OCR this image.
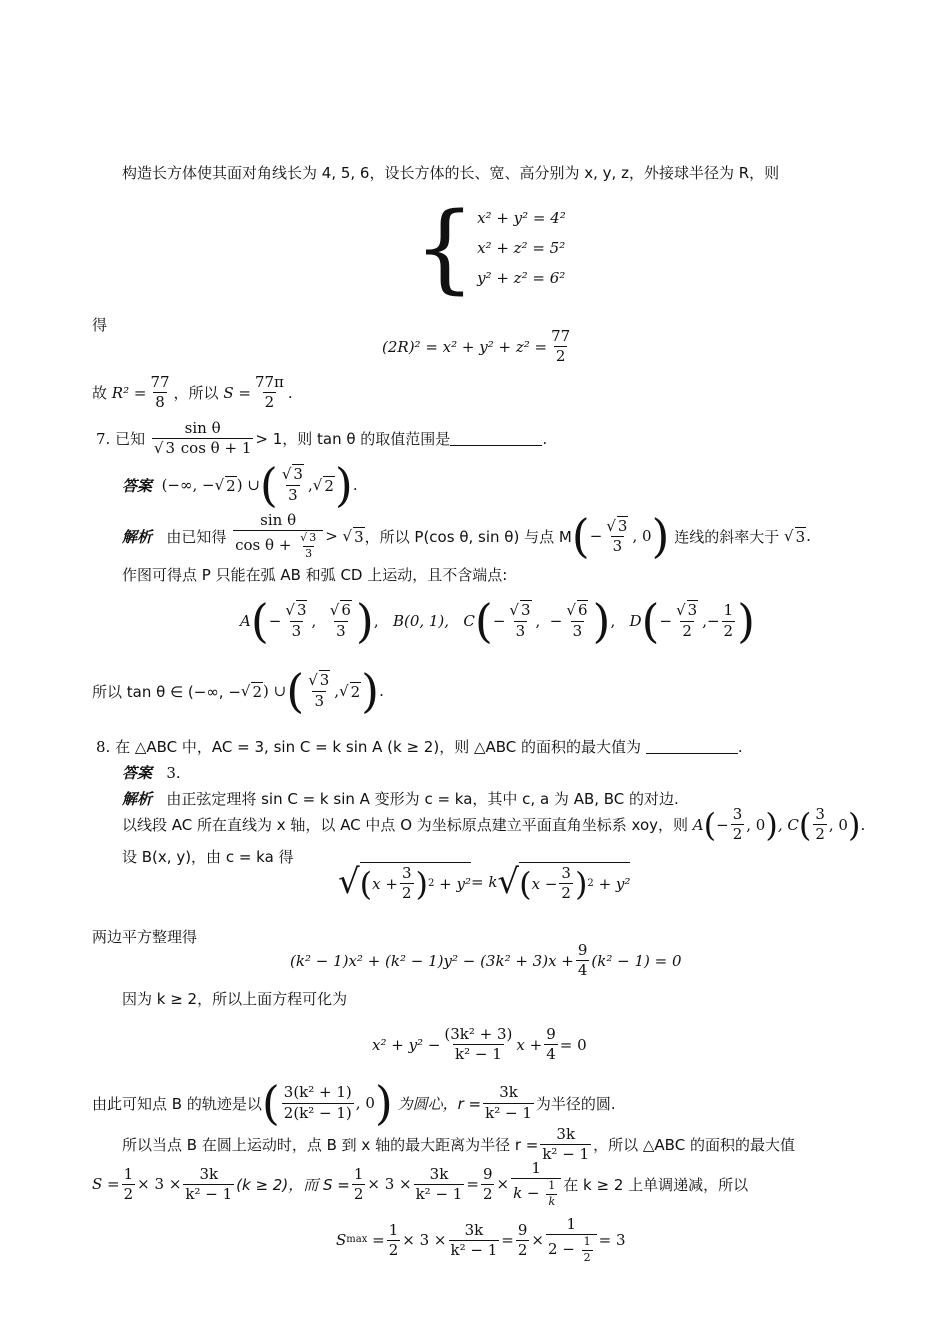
构造长方体使其面对角线长为 4, 5, 6，设长方体的长、宽、高分别为 x, y, z，外接球半径为 R，则
{ x² + y² = 4²
x² + z² = 5²
y² + z² = 6²
得
$(2R)^2 = x^2 + y^2 + z^2 = \frac{77}{2}$
故
$R^2 = \frac{77}{8}$ ，所以
$S = \frac{77\pi}{2}$ .
7.
已知
$\frac{\text{sin θ}}{\text{√ 3 cos θ + 1}} > 1$，则 tan θ 的取值范围是	.
答案
(−∞, − √ 2 ) ∪ ( $\frac{√ 3}{3}$ , √ 2 ) .
解析
由已知得
$\frac{\text{sin θ}}{\cos \theta + \frac{√ 3}{3}}$ > √ 3 ，所以 P(cos θ, sin θ) 与点 M ( − $\frac{√ 3}{3}$ , 0 )
连线的斜率大于 √ 3 .
作图可得点 P 只能在弧 AB 和弧 CD 上运动，且不含端点:
A ( − $\frac{√ 3}{3}$ , $\frac{√ 6}{3}$ ) , B(0, 1),
C ( − $\frac{√ 3}{3}$ ,  − $\frac{√ 6}{3}$ ) , D ( − $\frac{√ 3}{2}$ ,− $\frac{1}{2}$ )
所以 tan θ ∈ (−∞, − √ 2 ) ∪ ( $\frac{√ 3}{3}$ ,√ 2 ) .
8.
在 △ABC 中，AC = 3, sin C = k sin A (k ≥ 2)，则 △ABC 的面积的最大值为
	.
答案
3.
解析
由正弦定理将 sin C = k sin A 变形为 c = ka，其中 c, a 为 AB, BC 的对边.
以线段 AC 所在直线为 x 轴，以 AC 中点 O 为坐标原点建立平面直角坐标系 xoy，则
A ( − $\frac{3}{2}$ , 0 ) , C ( $\frac{3}{2}$ , 0 ) .
设 B(x, y)，由 c = ka 得
√ ( $x + \frac{3}{2}$ ) 2
+ y² = k √ ( $x - \frac{3}{2}$ ) 2
+ y²
两边平方整理得
$(k^2 - 1)x^2 + (k^2 - 1)y^2 - (3k^2 + 3)x + \frac{9}{4} (k^2 - 1) = 0$
因为 k ≥ 2，所以上面方程可化为
$x^2 + y^2 - \frac{\text{(3k² + 3)}}{\text{k² − 1}}$ $x + \frac{9}{4} = 0$
由此可知点 B 的轨迹是以 ( $\frac{\text{3(k² + 1)}}{\text{2(k² − 1)}}$ , 0 )
为圆心，$r = \frac{3k}{\text{k² − 1}}$ 为半径的圆.
所以当点 B 在圆上运动时，点 B 到 x 轴的最大距离为半径 $r = \frac{3k}{\text{k² − 1}}$ ，所以 △ABC 的面积的最大值
$S = \frac{1}{2} \times 3 \times \frac{3k}{\text{k² − 1}} (k \ge 2)$，而 $S = \frac{1}{2} \times 3 \times \frac{3k}{\text{k² − 1}} = \frac{9}{2} \times \frac{1}{k - \frac{1}{k}}$ 在 k ≥ 2 上单调递减，所以
S max
= $\frac{1}{2} \times 3 \times \frac{3k}{\text{k² − 1}} = \frac{9}{2} \times \frac{1}{2 - \frac{1}{2}} = 3$
